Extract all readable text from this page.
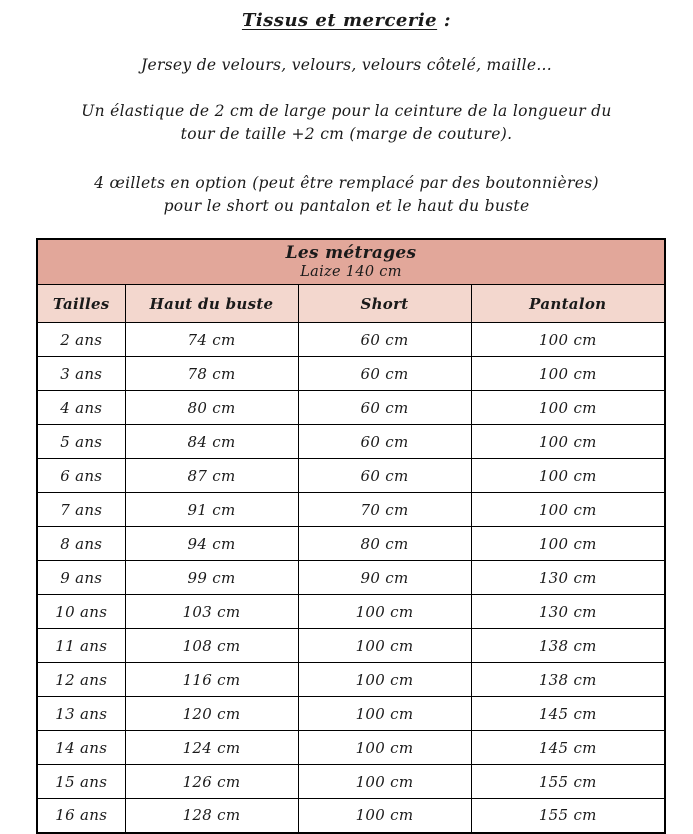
Tissus et mercerie :
Jersey de velours, velours, velours côtelé, maille...
Un élastique de 2 cm de large pour la ceinture de la longueur du
tour de taille +2 cm (marge de couture).
4 œillets en option (peut être remplacé par des boutonnières)
pour le short ou pantalon et le haut du buste
Les métrages
Laize 140 cm			

Tailles	Haut du buste	Short	Pantalon
2 ans	74 cm	60 cm	100 cm
3 ans	78 cm	60 cm	100 cm
4 ans	80 cm	60 cm	100 cm
5 ans	84 cm	60 cm	100 cm
6 ans	87 cm	60 cm	100 cm
7 ans	91 cm	70 cm	100 cm
8 ans	94 cm	80 cm	100 cm
9 ans	99 cm	90 cm	130 cm
10 ans	103 cm	100 cm	130 cm
11 ans	108 cm	100 cm	138 cm
12 ans	116 cm	100 cm	138 cm
13 ans	120 cm	100 cm	145 cm
14 ans	124 cm	100 cm	145 cm
15 ans	126 cm	100 cm	155 cm
16 ans	128 cm	100 cm	155 cm
